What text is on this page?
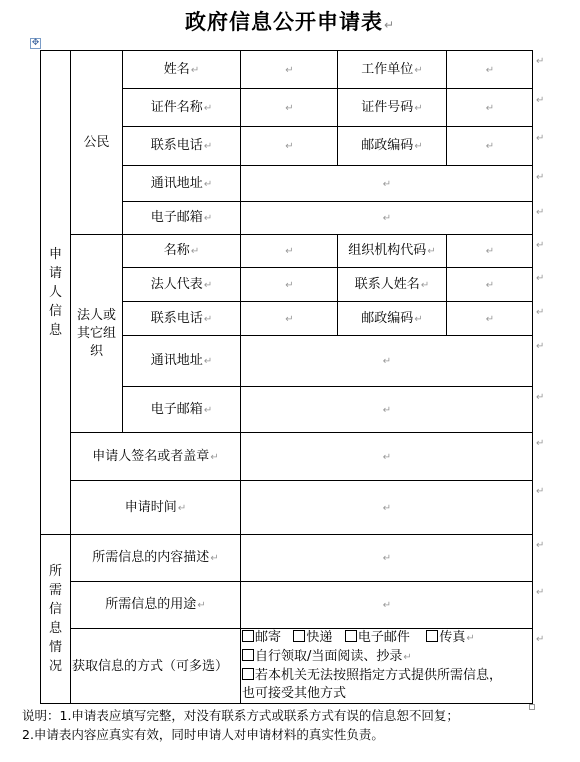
政府信息公开申请表↵
✥
申请人信息	公民	姓名↵	↵	工作单位↵	↵
		证件名称↵	↵	证件号码↵	↵
		联系电话↵	↵	邮政编码↵	↵
		通讯地址↵	↵		
		电子邮箱↵	↵		

	法人或其它组织	名称↵	↵	组织机构代码↵	↵
		法人代表↵	↵	联系人姓名↵	↵
		联系电话↵	↵	邮政编码↵	↵
		通讯地址↵	↵		
		电子邮箱↵	↵		
	申请人签名或者盖章↵		↵		
	申请时间↵		↵		

所需信息情况	所需信息的内容描述↵		↵		
	所需信息的用途↵		↵		
	获取信息的方式（可多选）		邮寄 快递 电子邮件 传真↵
自行领取/当面阅读、抄录↵
若本机关无法按照指定方式提供所需信息，
也可接受其他方式		
↵
↵
↵
↵
↵
↵
↵
↵
↵
↵
↵
↵
↵
↵
↵
说明：1.申请表应填写完整，对没有联系方式或联系方式有误的信息恕不回复；
2.申请表内容应真实有效，同时申请人对申请材料的真实性负责。
